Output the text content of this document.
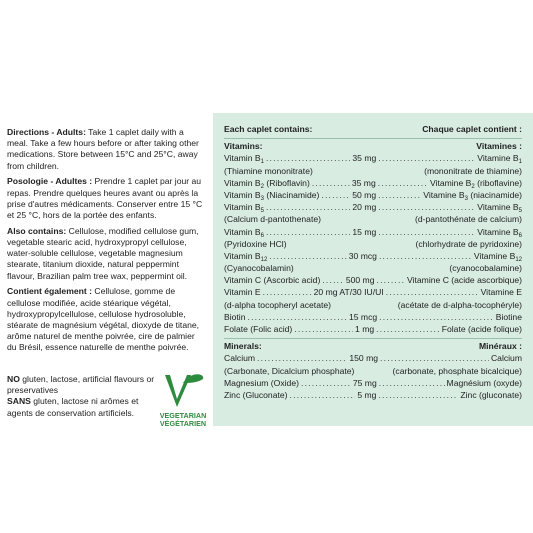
Directions - Adults: Take 1 caplet daily with a meal. Take a few hours before or after taking other medications. Store between 15°C and 25°C, away from children.

Posologie - Adultes : Prendre 1 caplet par jour au repas. Prendre quelques heures avant ou après la prise d'autres médicaments. Conserver entre 15 °C et 25 °C, hors de la portée des enfants.

Also contains: Cellulose, modified cellulose gum, vegetable stearic acid, hydroxypropyl cellulose, water-soluble cellulose, vegetable magnesium stearate, titanium dioxide, natural peppermint flavour, Brazilian palm tree wax, peppermint oil.

Contient également : Cellulose, gomme de cellulose modifiée, acide stéarique végétal, hydroxypropylcellulose, cellulose hydrosoluble, stéarate de magnésium végétal, dioxyde de titane, arôme naturel de menthe poivrée, cire de palmier du Brésil, essence naturelle de menthe poivrée.

NO gluten, lactose, artificial flavours or preservatives
SANS gluten, lactose ni arômes et agents de conservation artificiels.	VEGETARIAN
VÉGÉTARIEN
Each caplet contains:	Chaque caplet contient :
Vitamins:	Vitamines :
Vitamin $B_1$ .....	35 mg .....	Vitamine $B_1$
(Thiamine mononitrate)	(mononitrate de thiamine)
Vitamin $B_2$ (Riboflavin) .....	35 mg .....	Vitamine $B_2$ (riboflavine)
Vitamin $B_3$ (Niacinamide) .....	50 mg .....	Vitamine $B_3$ (niacinamide)
Vitamin $B_5$ .....	20 mg .....	Vitamine $B_5$
(Calcium d-pantothenate)	(d-pantothénate de calcium)
Vitamin $B_6$ .....	15 mg .....	Vitamine $B_6$
(Pyridoxine HCl)	(chlorhydrate de pyridoxine)
Vitamin $B_{12}$ .....	30 mcg .....	Vitamine $B_{12}$
(Cyanocobalamin)	(cyanocobalamine)
Vitamin C (Ascorbic acid) .....	500 mg .....	Vitamine C (acide ascorbique)
Vitamin E .....	20 mg AT/30 IU/UI .....	Vitamine E
(d-alpha tocopheryl acetate)	(acétate de d-alpha-tocophéryle)
Biotin .....	15 mcg .....	Biotine
Folate (Folic acid) .....	1 mg .....	Folate (acide folique)
Minerals:	Minéraux :
Calcium .....	150 mg .....	Calcium
(Carbonate, Dicalcium phosphate)	(carbonate, phosphate bicalcique)
Magnesium (Oxide) .....	75 mg .....	Magnésium (oxyde)
Zinc (Gluconate) .....	5 mg .....	Zinc (gluconate)
